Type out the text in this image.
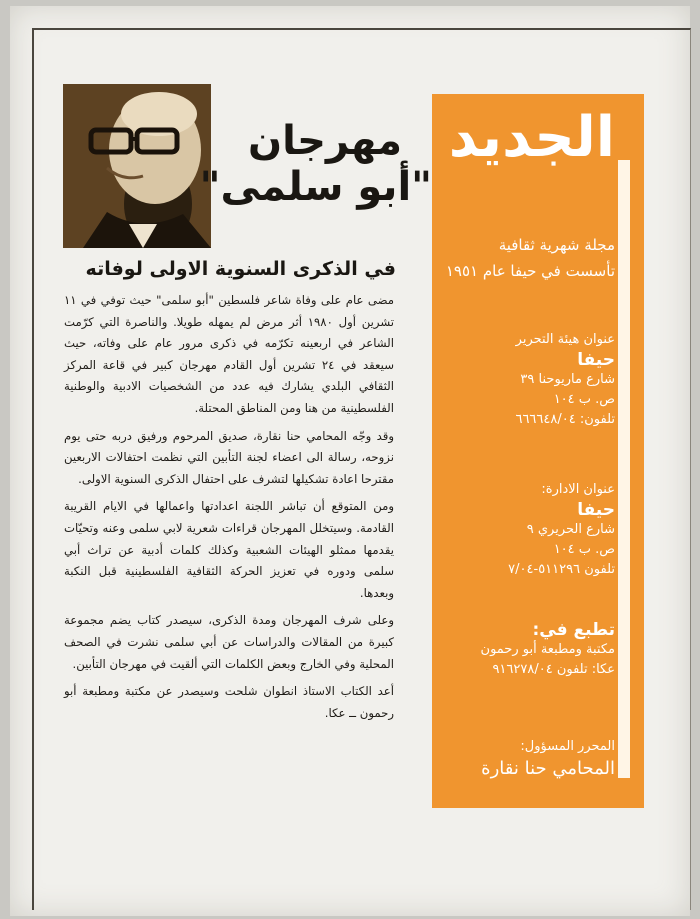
مهرجان
"أبو سلمى"
في الذكرى السنوية الاولى لوفاته

مضى عام على وفاة شاعر فلسطين "أبو سلمى" حيث توفي في ١١ تشرين أول ١٩٨٠ أثر مرض لم يمهله طويلا. والناصرة التي كرّمت الشاعر في اربعينه تكرّمه في ذكرى مرور عام على وفاته، حيث سيعقد في ٢٤ تشرين أول القادم مهرجان كبير في قاعة المركز الثقافي البلدي يشارك فيه عدد من الشخصيات الادبية والوطنية الفلسطينية من هنا ومن المناطق المحتلة.

وقد وجّه المحامي حنا نقارة، صديق المرحوم ورفيق دربه حتى يوم نزوحه، رسالة الى اعضاء لجنة التأبين التي نظمت احتفالات الاربعين مقترحا اعادة تشكيلها لتشرف على احتفال الذكرى السنوية الاولى.

ومن المتوقع أن تباشر اللجنة اعدادتها واعمالها في الايام القريبة القادمة. وسيتخلل المهرجان قراءات شعرية لابي سلمى وعنه وتحيّات يقدمها ممثلو الهيئات الشعبية وكذلك كلمات أدبية عن تراث أبي سلمى ودوره في تعزيز الحركة الثقافية الفلسطينية قبل النكبة وبعدها.

وعلى شرف المهرجان ومدة الذكرى، سيصدر كتاب يضم مجموعة كبيرة من المقالات والدراسات عن أبي سلمى نشرت في الصحف المحلية وفي الخارج وبعض الكلمات التي ألقيت في مهرجان التأبين.

أعد الكتاب الاستاذ انطوان شلحت وسيصدر عن مكتبة ومطبعة أبو رحمون ــ عكا.

الجديد
مجلة شهرية ثقافية
تأسست في حيفا عام ١٩٥١
عنوان هيئة التحرير
حيفا
شارع ماريوحنا ٣٩
ص. ب ١٠٤
تلفون: ٦٦٦٦٤٨/٠٤
عنوان الادارة:
حيفا
شارع الحريري ٩
ص. ب ١٠٤
تلفون ٥١١٢٩٦-٧/٠٤
تطبع في:
مكتبة ومطبعة أبو رحمون
عكا: تلفون ٩١٦٢٧٨/٠٤
المحرر المسؤول:
المحامي حنا نقارة
